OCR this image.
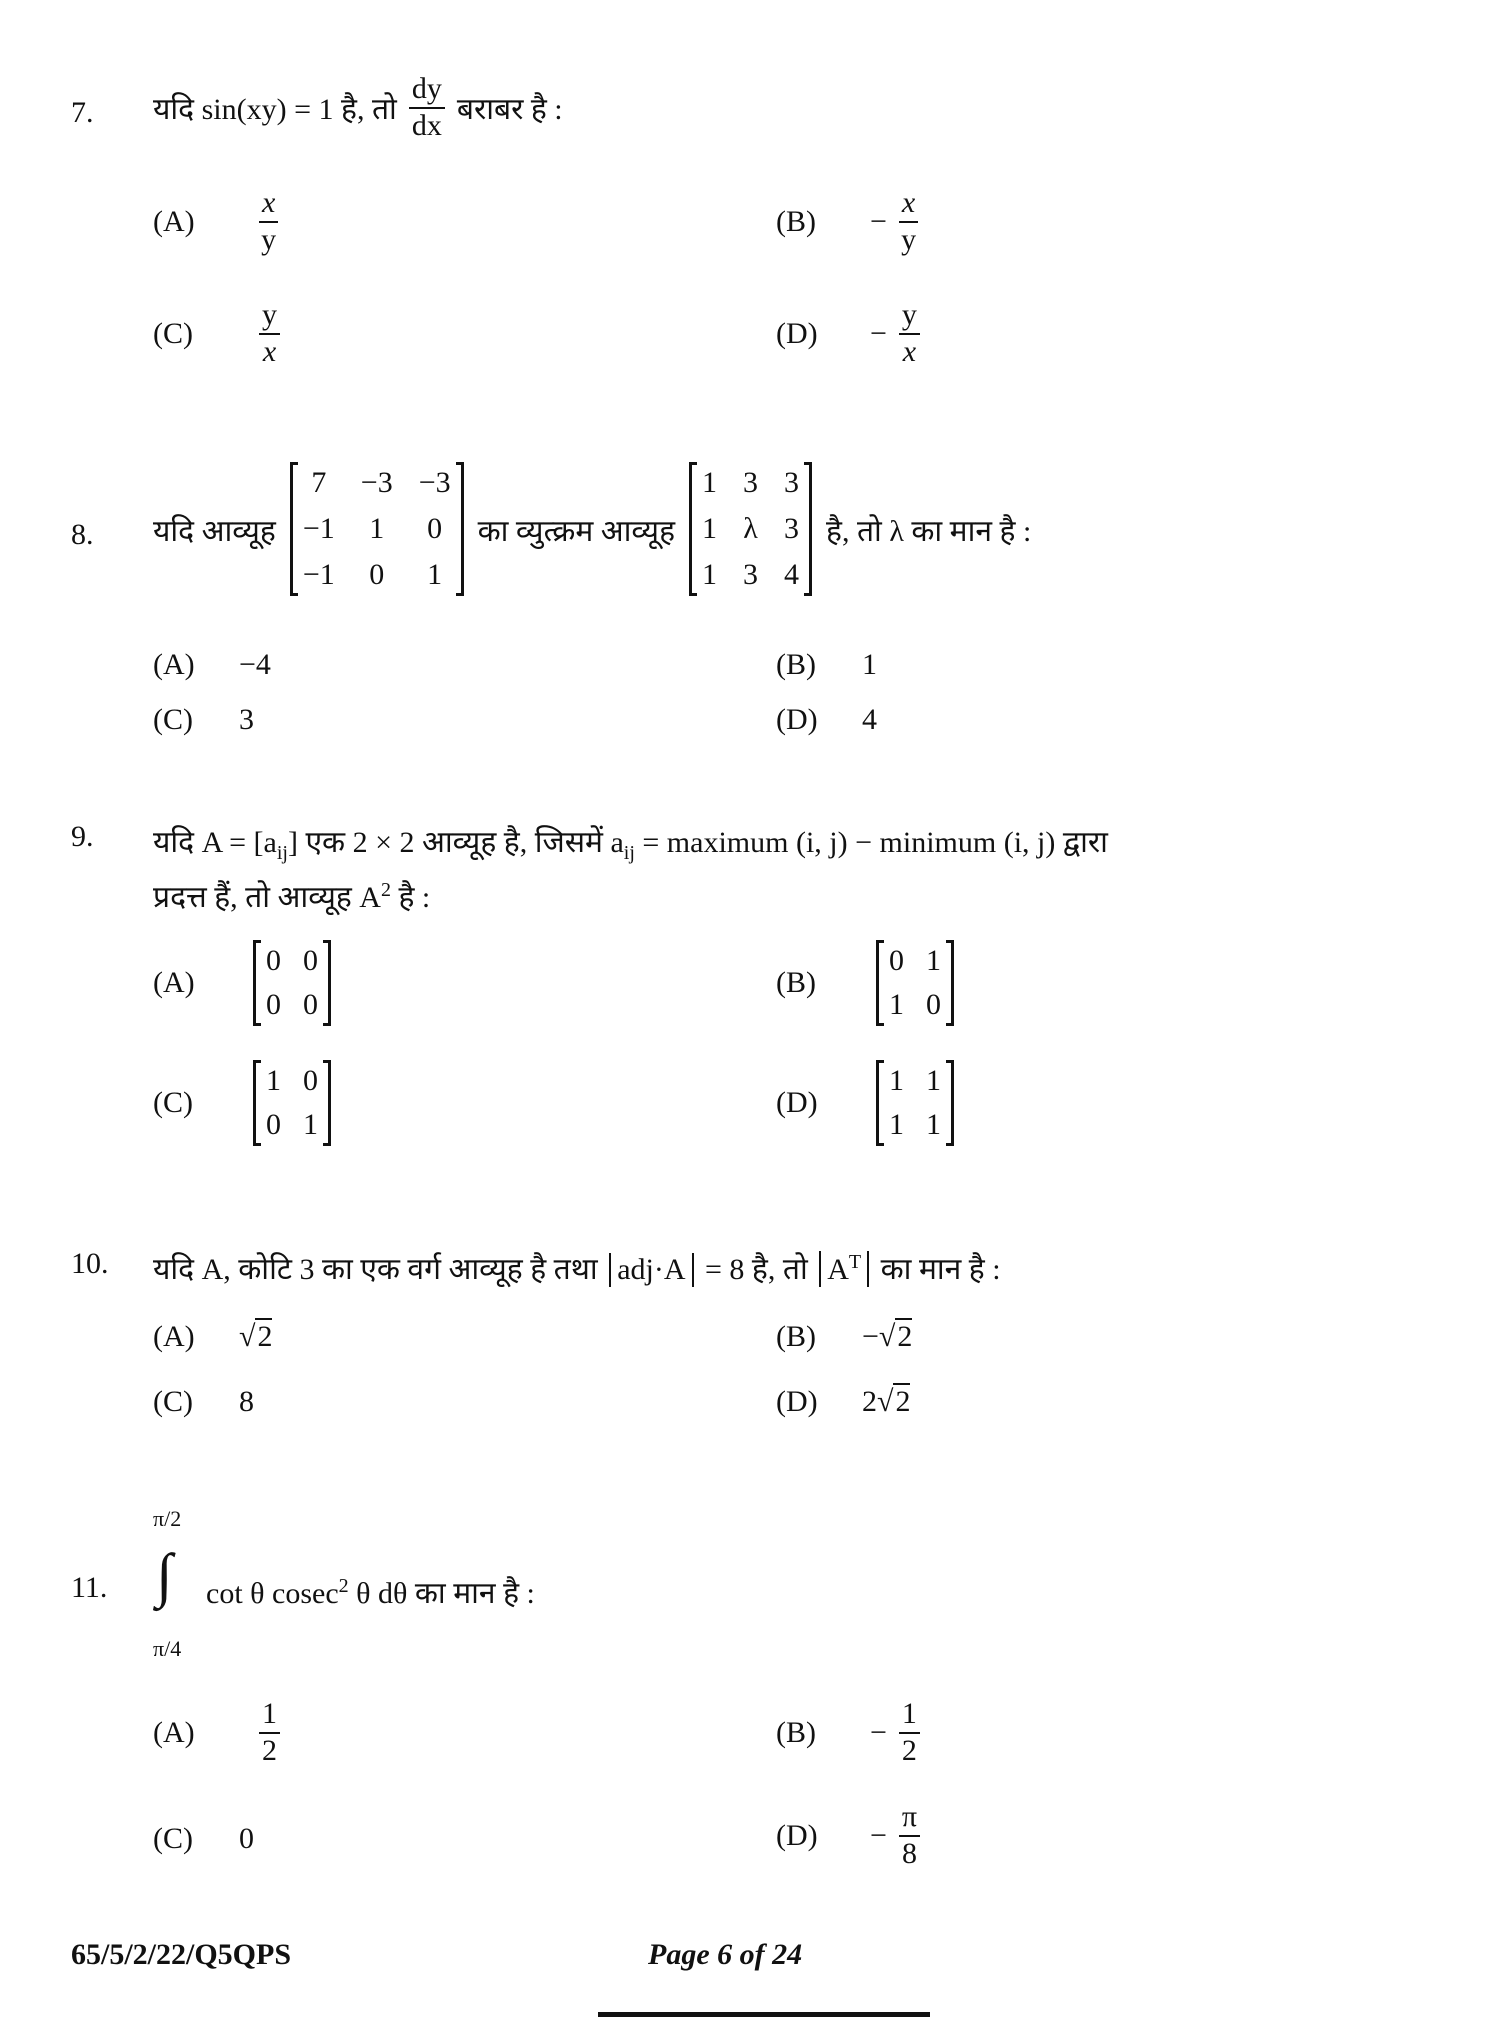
7. यदि sin(xy) = 1 है, तो $\frac{dy}{dx}$ बराबर है :
(A)	$\frac{x}{y}$	(B)	− $\frac{x}{y}$
(C)	$\frac{y}{x}$	(D)	− $\frac{y}{x}$
8. यदि आव्यूह
7 −3 −3
−1 1 0
−1 0 1
का व्युत्क्रम आव्यूह
1 3 3
1 λ 3
1 3 4
है, तो λ का मान है :
(A) −4	(B) 1
(C) 3	(D) 4
9. यदि $A = [a_{ij}]$ एक 2 × 2 आव्यूह है, जिसमें $a_{ij}$ = maximum (i, j) − minimum (i, j) द्वारा
प्रदत्त हैं, तो आव्यूह $A^2$ है :
(A)
0 0
0 0
(B)
0 1
1 0
(C)
1 0
0 1
(D)
1 1
1 1
10. यदि A, कोटि 3 का एक वर्ग आव्यूह है तथा adj·A = 8 है, तो $A^T$ का मान है :
(A) √2	(B) −√2
(C) 8	(D) 2√2
11.
π/2
π/4
∫ cot θ cosec$^2$ θ dθ का मान है :
(A)	$\frac{1}{2}$	(B)	− $\frac{1}{2}$
(C) 0	(D)	− $\frac{\pi}{8}$
65/5/2/22/Q5QPS	Page 6 of 24
